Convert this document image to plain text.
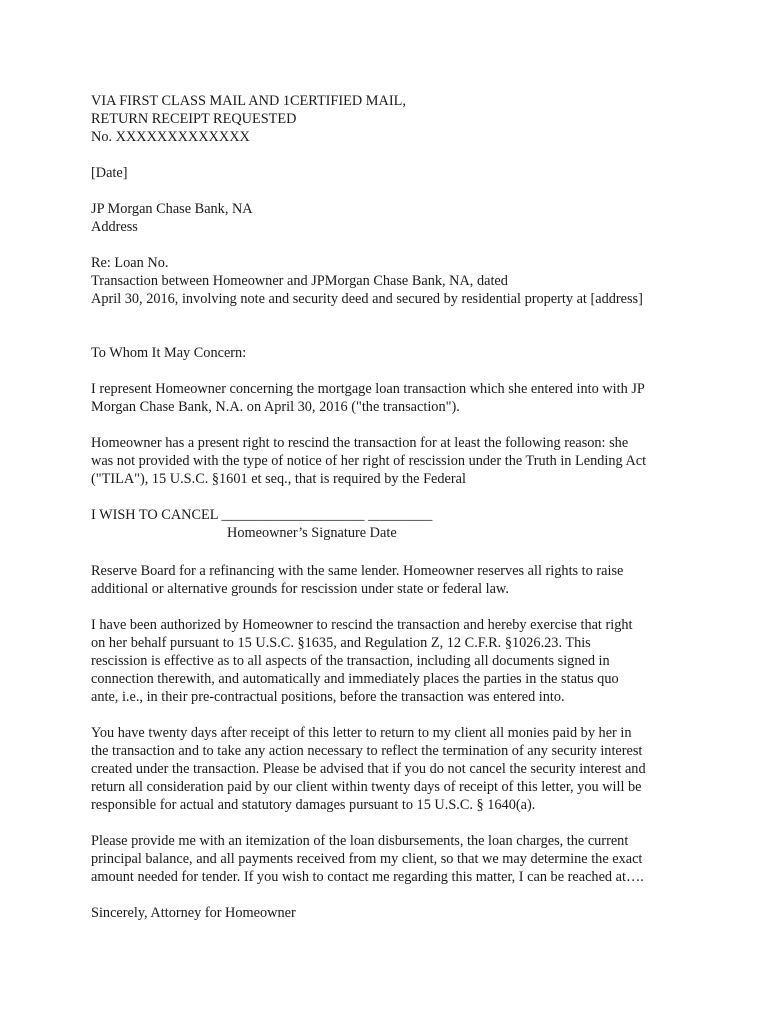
VIA FIRST CLASS MAIL AND 1CERTIFIED MAIL,
RETURN RECEIPT REQUESTED
No. XXXXXXXXXXXXX
[Date]
JP Morgan Chase Bank, NA
Address
Re: Loan No.
Transaction between Homeowner and JPMorgan Chase Bank, NA, dated
April 30, 2016, involving note and security deed and secured by residential property at [address]
To Whom It May Concern:
I represent Homeowner concerning the mortgage loan transaction which she entered into with JP
Morgan Chase Bank, N.A. on April 30, 2016 ("the transaction").
Homeowner has a present right to rescind the transaction for at least the following reason: she
was not provided with the type of notice of her right of rescission under the Truth in Lending Act
("TILA"), 15 U.S.C. §1601 et seq., that is required by the Federal
I WISH TO CANCEL ____________________ _________
Homeowner’s Signature Date
Reserve Board for a refinancing with the same lender. Homeowner reserves all rights to raise
additional or alternative grounds for rescission under state or federal law.
I have been authorized by Homeowner to rescind the transaction and hereby exercise that right
on her behalf pursuant to 15 U.S.C. §1635, and Regulation Z, 12 C.F.R. §1026.23. This
rescission is effective as to all aspects of the transaction, including all documents signed in
connection therewith, and automatically and immediately places the parties in the status quo
ante, i.e., in their pre-contractual positions, before the transaction was entered into.
You have twenty days after receipt of this letter to return to my client all monies paid by her in
the transaction and to take any action necessary to reflect the termination of any security interest
created under the transaction. Please be advised that if you do not cancel the security interest and
return all consideration paid by our client within twenty days of receipt of this letter, you will be
responsible for actual and statutory damages pursuant to 15 U.S.C. § 1640(a).
Please provide me with an itemization of the loan disbursements, the loan charges, the current
principal balance, and all payments received from my client, so that we may determine the exact
amount needed for tender. If you wish to contact me regarding this matter, I can be reached at….
Sincerely, Attorney for Homeowner
